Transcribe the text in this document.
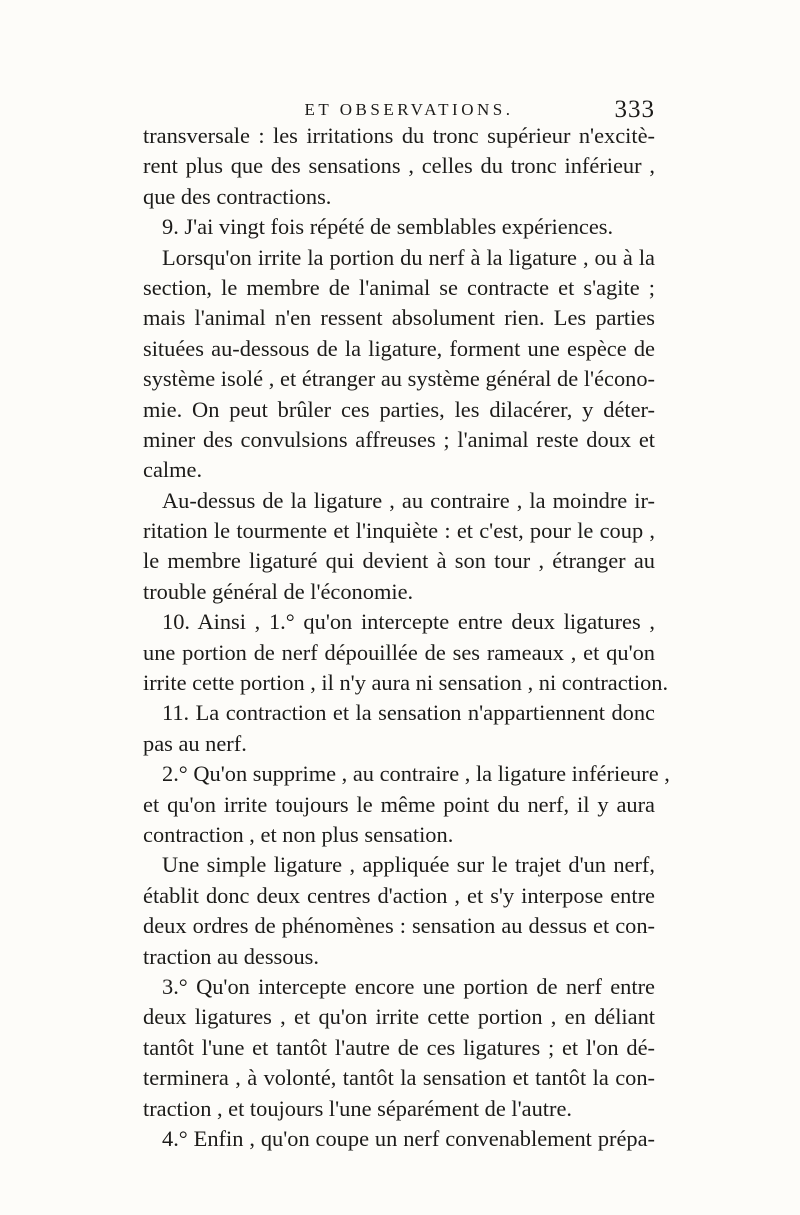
ET OBSERVATIONS.	333
transversale : les irritations du tronc supérieur n'excitè-
rent plus que des sensations , celles du tronc inférieur ,
que des contractions.
9. J'ai vingt fois répété de semblables expériences.
Lorsqu'on irrite la portion du nerf à la ligature , ou à la
section, le membre de l'animal se contracte et s'agite ;
mais l'animal n'en ressent absolument rien. Les parties
situées au-dessous de la ligature, forment une espèce de
système isolé , et étranger au système général de l'écono-
mie. On peut brûler ces parties, les dilacérer, y déter-
miner des convulsions affreuses ; l'animal reste doux et
calme.
Au-dessus de la ligature , au contraire , la moindre ir-
ritation le tourmente et l'inquiète : et c'est, pour le coup ,
le membre ligaturé qui devient à son tour , étranger au
trouble général de l'économie.
10. Ainsi , 1.° qu'on intercepte entre deux ligatures ,
une portion de nerf dépouillée de ses rameaux , et qu'on
irrite cette portion , il n'y aura ni sensation , ni contraction.
11. La contraction et la sensation n'appartiennent donc
pas au nerf.
2.° Qu'on supprime , au contraire , la ligature inférieure ,
et qu'on irrite toujours le même point du nerf, il y aura
contraction , et non plus sensation.
Une simple ligature , appliquée sur le trajet d'un nerf,
établit donc deux centres d'action , et s'y interpose entre
deux ordres de phénomènes : sensation au dessus et con-
traction au dessous.
3.° Qu'on intercepte encore une portion de nerf entre
deux ligatures , et qu'on irrite cette portion , en déliant
tantôt l'une et tantôt l'autre de ces ligatures ; et l'on dé-
terminera , à volonté, tantôt la sensation et tantôt la con-
traction , et toujours l'une séparément de l'autre.
4.° Enfin , qu'on coupe un nerf convenablement prépa-
